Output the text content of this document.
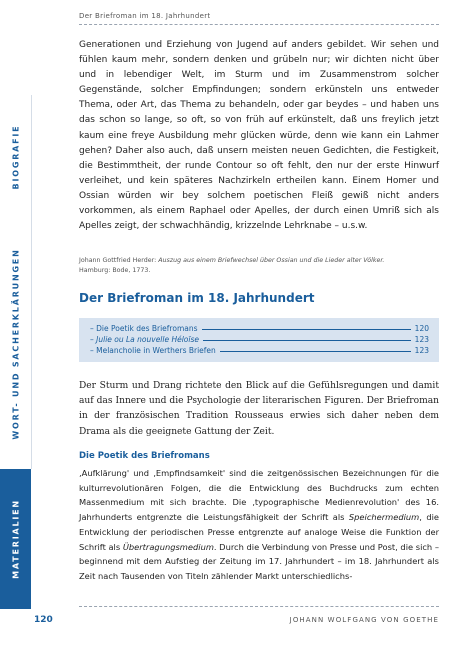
Der Briefroman im 18. Jahrhundert
BIOGRAFIE
WORT- UND SACHERKLÄRUNGEN
MATERIALIEN
Generationen und Erziehung von Jugend auf anders gebildet. Wir sehen und fühlen kaum mehr, sondern denken und grübeln nur; wir dichten nicht über und in lebendiger Welt, im Sturm und im Zusammenstrom solcher Gegenstände, solcher Empfindungen; sondern erkünsteln uns entweder Thema, oder Art, das Thema zu behandeln, oder gar beydes – und haben uns das schon so lange, so oft, so von früh auf erkünstelt, daß uns freylich jetzt kaum eine freye Ausbildung mehr glücken würde, denn wie kann ein Lahmer gehen? Daher also auch, daß unsern meisten neuen Gedichten, die Festigkeit, die Bestimmtheit, der runde Contour so oft fehlt, den nur der erste Hinwurf verleihet, und kein späteres Nachzirkeln ertheilen kann. Einem Homer und Ossian würden wir bey solchem poetischen Fleiß gewiß nicht anders vorkommen, als einem Raphael oder Apelles, der durch einen Umriß sich als Apelles zeigt, der schwachhändig, krizzelnde Lehrknabe – u.s.w.
Johann Gottfried Herder: Auszug aus einem Briefwechsel über Ossian und die Lieder alter Völker.
Hamburg: Bode, 1773.
Der Briefroman im 18. Jahrhundert
– Die Poetik des Briefromans	120
– Julie ou La nouvelle Héloïse	123
– Melancholie in Werthers Briefen	123
Der Sturm und Drang richtete den Blick auf die Gefühlsregungen und damit auf das Innere und die Psychologie der literarischen Figuren. Der Briefroman in der französischen Tradition Rousseaus erwies sich daher neben dem Drama als die geeignete Gattung der Zeit.
Die Poetik des Briefromans
‚Aufklärung' und ‚Empfindsamkeit' sind die zeitgenössischen Bezeichnungen für die kulturrevolutionären Folgen, die die Entwicklung des Buchdrucks zum echten Massenmedium mit sich brachte. Die ‚typographische Medienrevolution' des 16. Jahrhunderts entgrenzte die Leistungsfähigkeit der Schrift als Speichermedium, die Entwicklung der periodischen Presse entgrenzte auf analoge Weise die Funktion der Schrift als Übertragungsmedium. Durch die Verbindung von Presse und Post, die sich – beginnend mit dem Aufstieg der Zeitung im 17. Jahrhundert – im 18. Jahrhundert als Zeit nach Tausenden von Titeln zählender Markt unterschiedlichs-
120	JOHANN WOLFGANG VON GOETHE
